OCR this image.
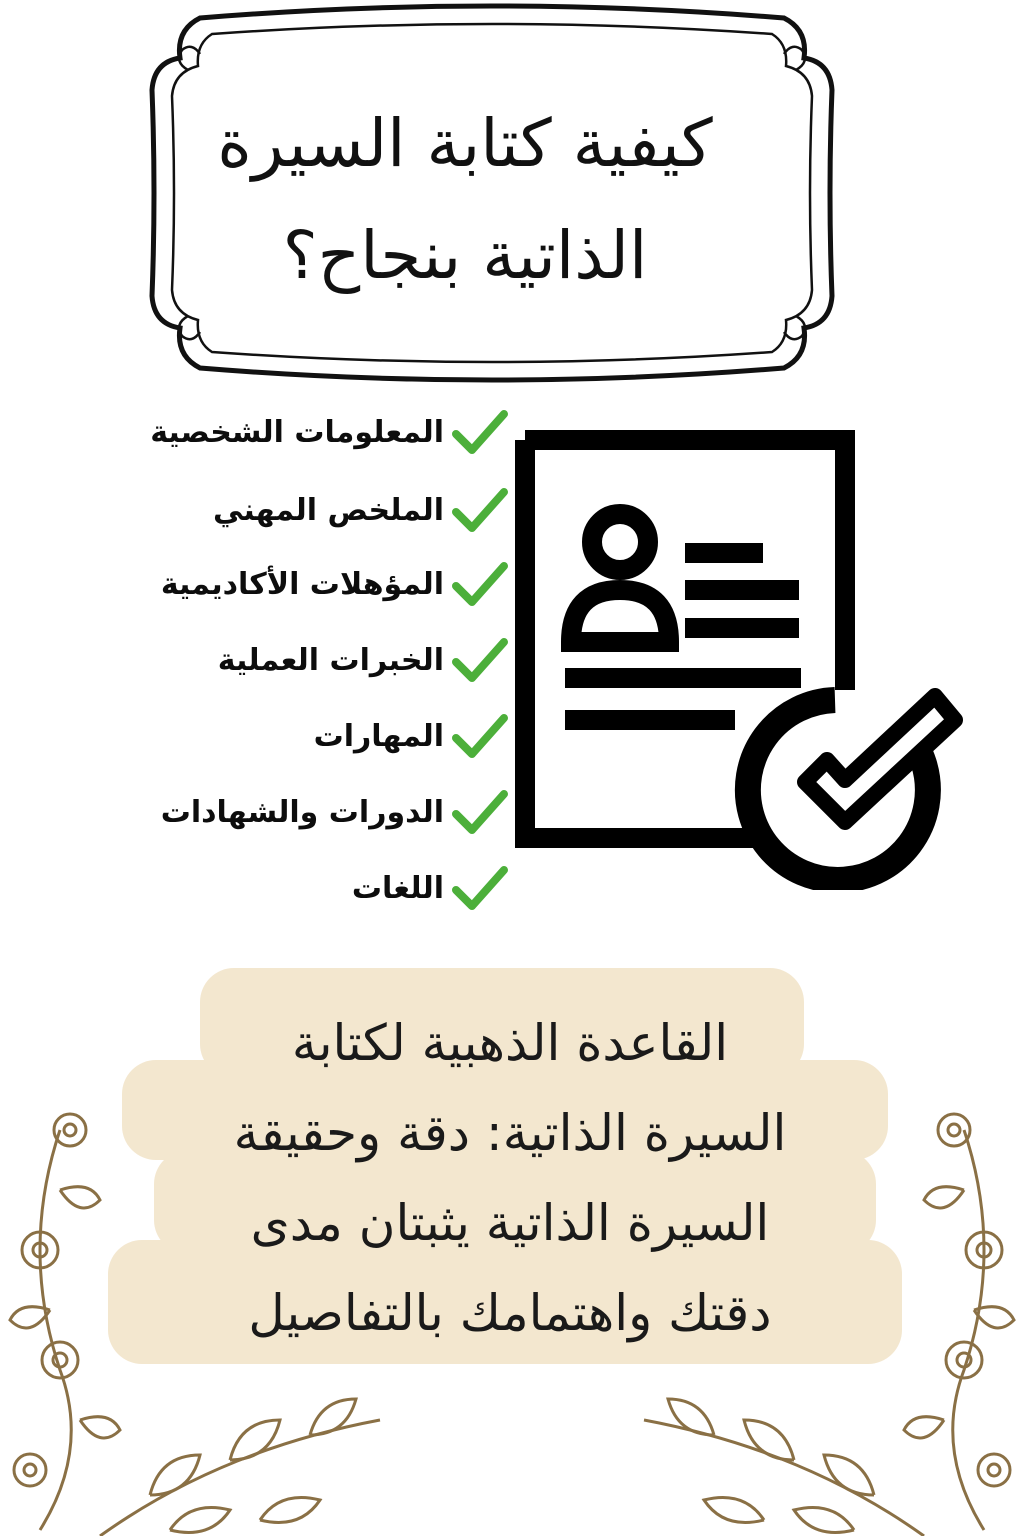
كيفية كتابة السيرة
الذاتية بنجاح؟
المعلومات الشخصية
الملخص المهني
المؤهلات الأكاديمية
الخبرات العملية
المهارات
الدورات والشهادات
اللغات
القاعدة الذهبية لكتابة
السيرة الذاتية: دقة وحقيقة
السيرة الذاتية يثبتان مدى
دقتك واهتمامك بالتفاصيل
